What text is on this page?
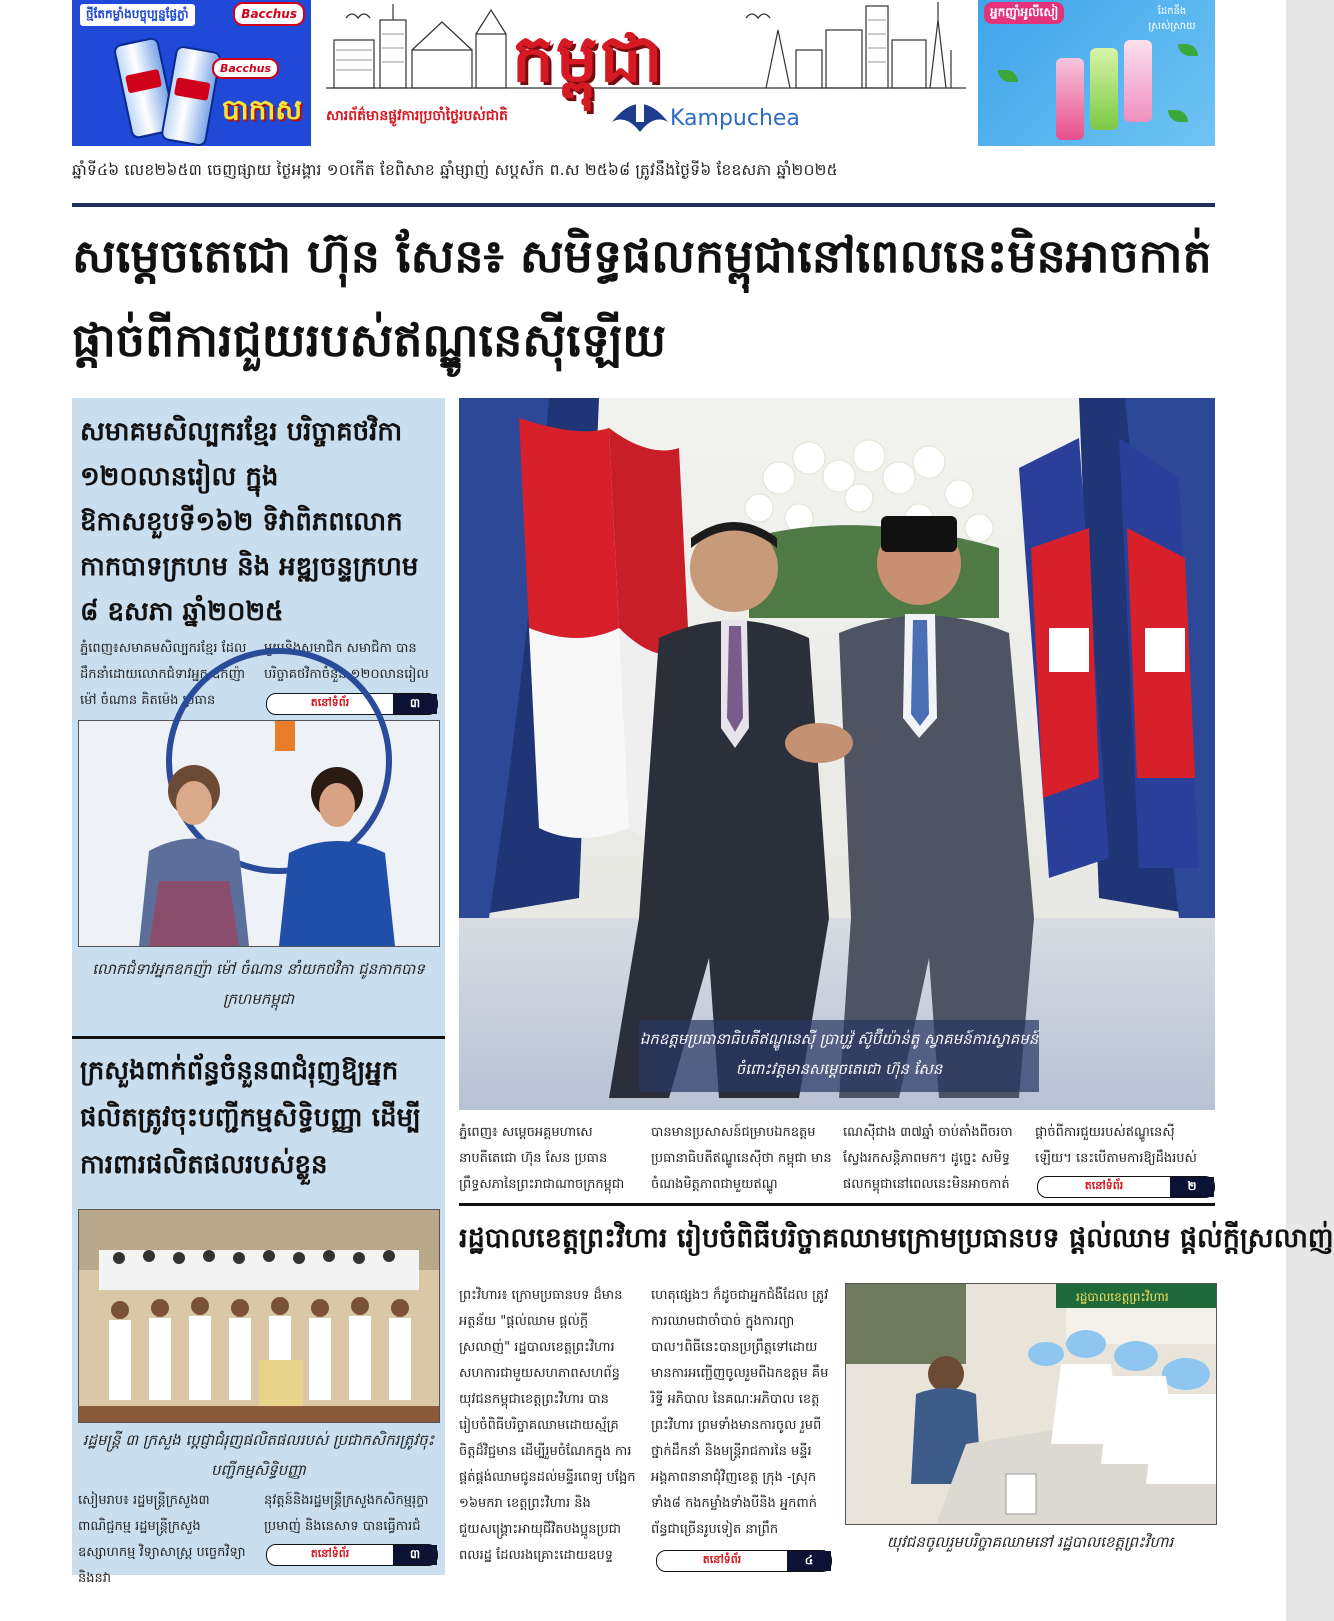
ថ្មីតែកម្លាំងបច្ចុប្បន្នផ្លែភ្លាំ	Bacchus
Bacchus
បាកាស
កម្ពុជា
សារព័ត៌មានផ្លូវការប្រចាំថ្ងៃរបស់ជាតិ	Kampuchea
អ្នកញ៉ាំអូលីសៀ	ដែកនឹងស្រស់ស្រាយ
ឆ្នាំទី៤៦ លេខ២៦៥៣ ចេញផ្សាយ ថ្ងៃអង្គារ ១០កើត ខែពិសាខ ឆ្នាំម្សាញ់ សប្តស័ក ព.ស ២៥៦៨ ត្រូវនឹងថ្ងៃទី៦ ខែឧសភា ឆ្នាំ២០២៥
សម្តេចតេជោ ហ៊ុន សែន៖ សមិទ្ធផលកម្ពុជានៅពេលនេះមិនអាចកាត់ផ្តាច់ពីការជួយរបស់ឥណ្ឌូនេស៊ីឡើយ
សមាគមសិល្បករខ្មែរ បរិច្ចាគថវិកា ១២០លានរៀល ក្នុងឱកាសខួបទី១៦២ ទិវាពិភពលោកកាកបាទក្រហម និង អឌ្ឍចន្ទក្រហម ៨ ឧសភា ឆ្នាំ២០២៥
ភ្នំពេញ៖សមាគមសិល្បករខ្មែរ ដែលដឹកនាំដោយលោកជំទាវអ្នក ឧកញ៉ា ម៉ៅ ចំណាន គិតម៉េង ប្រធាន
មួយនិងសមាជិក សមាជិកា បាន បរិច្ចាគថវិកាចំនួន ១២០លានរៀល
តនៅទំព័រ	៣
លោកជំទាវអ្នកឧកញ៉ា ម៉ៅ ចំណាន នាំយកថវិកា ជូនកាកបាទក្រហមកម្ពុជា
ក្រសួងពាក់ព័ន្ធចំនួន៣ជំរុញឱ្យអ្នកផលិតត្រូវចុះបញ្ជីកម្មសិទ្ធិបញ្ញា ដើម្បីការពារផលិតផលរបស់ខ្លួន
រដ្ឋមន្ត្រី ៣ ក្រសួង ប្តេជ្ញាជំរុញផលិតផលរបស់ ប្រជាកសិករត្រូវចុះបញ្ជីកម្មសិទ្ធិបញ្ញា
សៀមរាប៖ រដ្ឋមន្ត្រីក្រសួង៣ ពាណិជ្ជកម្ម រដ្ឋមន្ត្រីក្រសួងឧស្សាហកម្ម វិទ្យាសាស្ត្រ បច្ចេកវិទ្យា និងនវា
នុវត្តន៍និងរដ្ឋមន្ត្រីក្រសួងកសិកម្មរុក្ខា ប្រមាញ់ និងនេសាទ បានធ្វើការជំ
តនៅទំព័រ	៣
ឯកឧត្តមប្រធានាធិបតីឥណ្ឌូនេស៊ី ប្រាបូវ៉ូ ស៊ូប៊ីយ៉ាន់តូ ស្វាគមន៍ការស្វាគមន៍ចំពោះវត្តមានសម្តេចតេជោ ហ៊ុន សែន
ភ្នំពេញ៖ សម្តេចអគ្គមហាសេ នាបតីតេជោ ហ៊ុន សែន ប្រធាន ព្រឹទ្ធសភានៃព្រះរាជាណាចក្រកម្ពុជា
បានមានប្រសាសន៍ជម្រាបឯកឧត្តម ប្រធានាធិបតីឥណ្ឌូនេស៊ីថា កម្ពុជា មានចំណងមិត្តភាពជាមួយឥណ្ឌូ
ណេស៊ីជាង ៣៧ឆ្នាំ ចាប់តាំងពីចរចា ស្វែងរកសន្តិភាពមក។ ដូច្នេះ សមិទ្ធ ផលកម្ពុជានៅពេលនេះមិនអាចកាត់
ផ្តាច់ពីការជួយរបស់ឥណ្ឌូនេស៊ី ឡើយ។ នេះបើតាមការឱ្យដឹងរបស់
តនៅទំព័រ	២
រដ្ឋបាលខេត្តព្រះវិហារ រៀបចំពិធីបរិច្ចាគឈាមក្រោមប្រធានបទ ផ្តល់ឈាម ផ្តល់ក្តីស្រលាញ់
ព្រះវិហារ៖ ក្រោមប្រធានបទ ដ៏មានអត្ថន័យ "ផ្តល់ឈាម ផ្តល់ក្តី ស្រលាញ់" រដ្ឋបាលខេត្តព្រះវិហារ សហការជាមួយសហភាពសហព័ន្ធ យុវជនកម្ពុជាខេត្តព្រះវិហារ បាន រៀបចំពិធីបរិច្ចាគឈាមដោយស្ម័គ្រ ចិត្តដ៏វិជ្ជមាន ដើម្បីរួមចំណែកក្នុង ការផ្គត់ផ្គង់ឈាមជូនដល់មន្ទីរពេទ្យ បង្អែក ១៦មករា ខេត្តព្រះវិហារ និង ជួយសង្គ្រោះអាយុជីវិតបងប្អូនប្រជា ពលរដ្ឋ ដែលរងគ្រោះដោយឧបទ្ទ
ហេតុផ្សេងៗ ក៏ដូចជាអ្នកជំងឺដែល ត្រូវការឈាមជាចាំបាច់ ក្នុងការព្យា បាល។ពិធីនេះបានប្រព្រឹត្តទៅដោយ មានការអញ្ជើញចូលរួមពីឯកឧត្តម គឹម រិទ្ធី អភិបាល នៃគណៈអភិបាល ខេត្តព្រះវិហារ ព្រមទាំងមានការចូល រួមពីថ្នាក់ដឹកនាំ និងមន្ត្រីរាជការនៃ មន្ទីរ អង្គភាពនានាជុំវិញខេត្ត ក្រុង -ស្រុកទាំង៨ កងកម្លាំងទាំងបីនិង អ្នកពាក់ព័ន្ធជាច្រើនរូបទៀត នាព្រឹក
តនៅទំព័រ	៤
រដ្ឋបាលខេត្តព្រះវិហារ
យុវជនចូលរួមបរិច្ចាគឈាមនៅ រដ្ឋបាលខេត្តព្រះវិហារ
